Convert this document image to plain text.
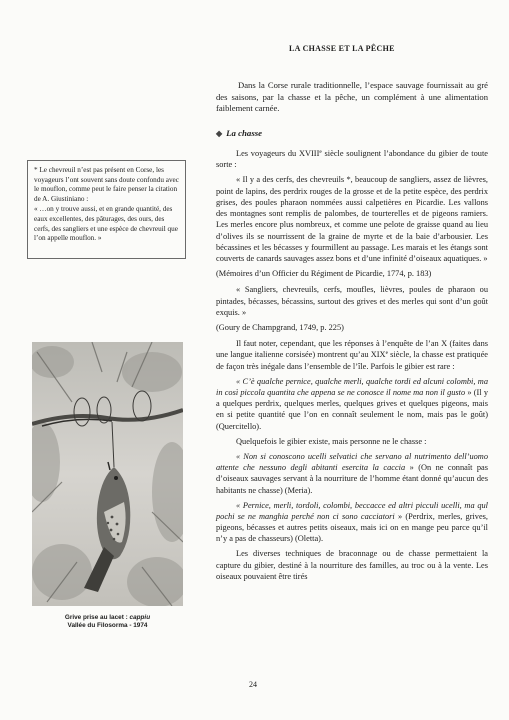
LA CHASSE ET LA PÊCHE

Dans la Corse rurale traditionnelle, l’espace sauvage fournissait au gré des saisons, par la chasse et la pêche, un complément à une alimentation faiblement carnée.

◆ La chasse

* Le chevreuil n’est pas présent en Corse, les voyageurs l’ont souvent sans doute confondu avec le mouflon, comme peut le faire penser la citation de A. Giustiniano :

« …on y trouve aussi, et en grande quantité, des eaux excellentes, des pâturages, des ours, des cerfs, des sangliers et une espèce de chevreuil que l’on appelle mouflon. »

Les voyageurs du XVIIIe siècle soulignent l’abondance du gibier de toute sorte :

« Il y a des cerfs, des chevreuils *, beaucoup de sangliers, assez de lièvres, point de lapins, des perdrix rouges de la grosse et de la petite espèce, des perdrix grises, des poules pharaon nommées aussi calpetières en Picardie. Les vallons des montagnes sont remplis de palombes, de tourterelles et de pigeons ramiers. Les merles encore plus nombreux, et comme une pelote de graisse quand au lieu d’olives ils se nourrissent de la graine de myrte et de la baie d’arbousier. Les bécassines et les bécasses y fourmillent au passage. Les marais et les étangs sont couverts de canards sauvages assez bons et d’une infinité d’oiseaux aquatiques. »

(Mémoires d’un Officier du Régiment de Picardie, 1774, p. 183)

« Sangliers, chevreuils, cerfs, moufles, lièvres, poules de pharaon ou pintades, bécasses, bécassins, surtout des grives et des merles qui sont d’un goût exquis. »

(Goury de Champgrand, 1749, p. 225)

Il faut noter, cependant, que les réponses à l’enquête de l’an X (faites dans une langue italienne corsisée) montrent qu’au XIXe siècle, la chasse est pratiquée de façon très inégale dans l’ensemble de l’île. Parfois le gibier est rare :

« C’è qualche pernice, qualche merli, qualche tordi ed alcuni colombi, ma in così piccola quantita che appena se ne conosce il nome ma non il gusto » (Il y a quelques perdrix, quelques merles, quelques grives et quelques pigeons, mais en si petite quantité que l’on en connaît seulement le nom, mais pas le goût) (Quercitello).

Quelquefois le gibier existe, mais personne ne le chasse :

« Non si conoscono ucelli selvatici che servano al nutrimento dell’uomo attente che nessuno degli abitanti esercita la caccia » (On ne connaît pas d’oiseaux sauvages servant à la nourriture de l’homme étant donné qu’aucun des habitants ne chasse) (Meria).

« Pernice, merli, tordoli, colombi, beccacce ed altri picculi ucelli, ma qul pochi se ne manghia perché non ci sono cacciatori » (Perdrix, merles, grives, pigeons, bécasses et autres petits oiseaux, mais ici on en mange peu parce qu’il n’y a pas de chasseurs) (Oletta).

Les diverses techniques de braconnage ou de chasse permettaient la capture du gibier, destiné à la nourriture des familles, au troc ou à la vente. Les oiseaux pouvaient être tirés

Grive prise au lacet : cappiu
Vallée du Filosorma - 1974
24
